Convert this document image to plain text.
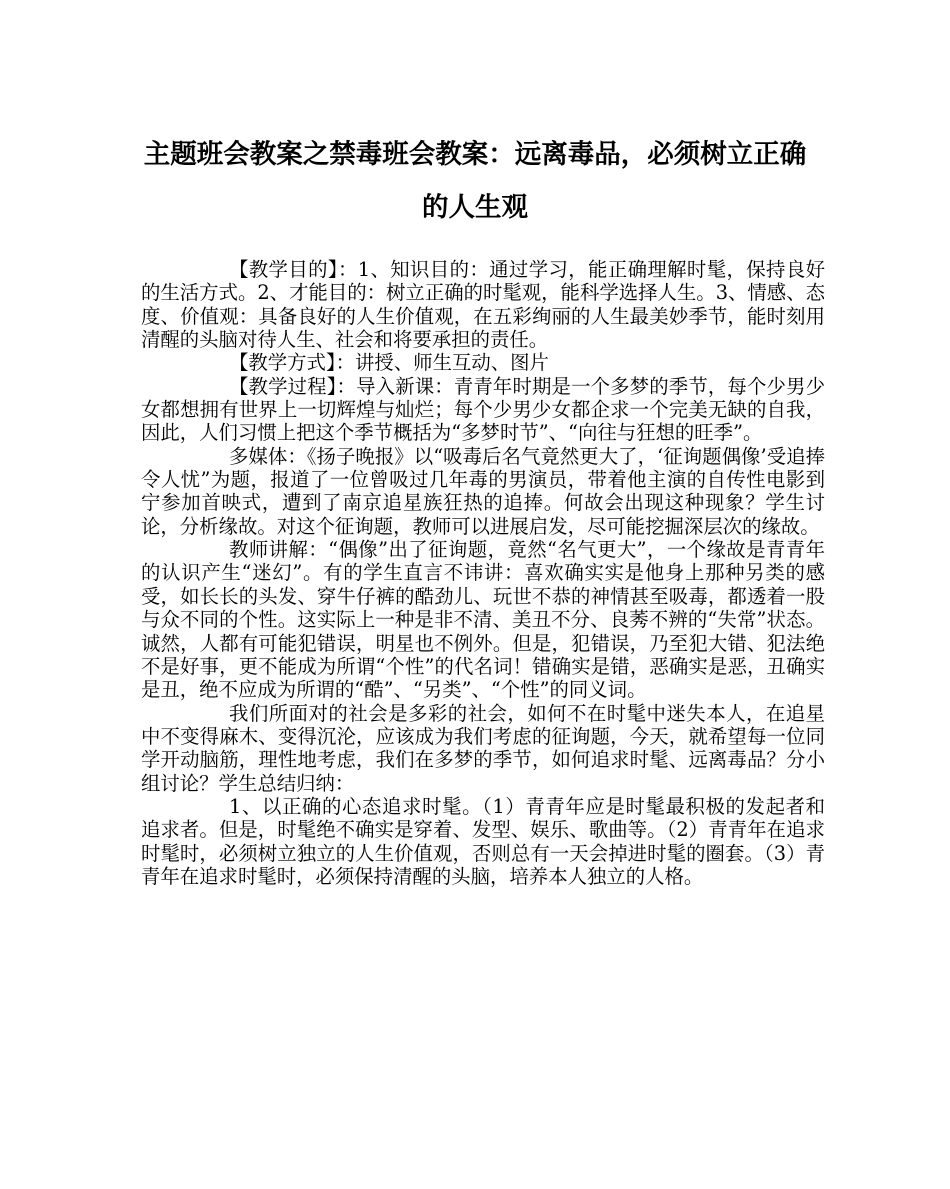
主题班会教案之禁毒班会教案：远离毒品，必须树立正确的人生观

【教学目的】：1、知识目的：通过学习，能正确理解时髦，保持良好的生活方式。2、才能目的：树立正确的时髦观，能科学选择人生。3、情感、态度、价值观：具备良好的人生价值观，在五彩绚丽的人生最美妙季节，能时刻用清醒的头脑对待人生、社会和将要承担的责任。

【教学方式】：讲授、师生互动、图片

【教学过程】：导入新课：青青年时期是一个多梦的季节，每个少男少女都想拥有世界上一切辉煌与灿烂；每个少男少女都企求一个完美无缺的自我，因此，人们习惯上把这个季节概括为“多梦时节”、“向往与狂想的旺季”。

多媒体：《扬子晚报》以“吸毒后名气竟然更大了，‘征询题偶像’受追捧令人忧”为题，报道了一位曾吸过几年毒的男演员，带着他主演的自传性电影到宁参加首映式，遭到了南京追星族狂热的追捧。何故会出现这种现象？学生讨论，分析缘故。对这个征询题，教师可以进展启发，尽可能挖掘深层次的缘故。

教师讲解：“偶像”出了征询题，竟然“名气更大”，一个缘故是青青年的认识产生“迷幻”。有的学生直言不讳讲：喜欢确实实是他身上那种另类的感受，如长长的头发、穿牛仔裤的酷劲儿、玩世不恭的神情甚至吸毒，都透着一股与众不同的个性。这实际上一种是非不清、美丑不分、良莠不辨的“失常”状态。诚然，人都有可能犯错误，明星也不例外。但是，犯错误，乃至犯大错、犯法绝不是好事，更不能成为所谓“个性”的代名词！错确实是错，恶确实是恶，丑确实是丑，绝不应成为所谓的“酷”、“另类”、“个性”的同义词。

我们所面对的社会是多彩的社会，如何不在时髦中迷失本人，在追星中不变得麻木、变得沉沦，应该成为我们考虑的征询题，今天，就希望每一位同学开动脑筋，理性地考虑，我们在多梦的季节，如何追求时髦、远离毒品？分小组讨论？学生总结归纳：

1、以正确的心态追求时髦。（1）青青年应是时髦最积极的发起者和追求者。但是，时髦绝不确实是穿着、发型、娱乐、歌曲等。（2）青青年在追求时髦时，必须树立独立的人生价值观，否则总有一天会掉进时髦的圈套。（3）青青年在追求时髦时，必须保持清醒的头脑，培养本人独立的人格。
